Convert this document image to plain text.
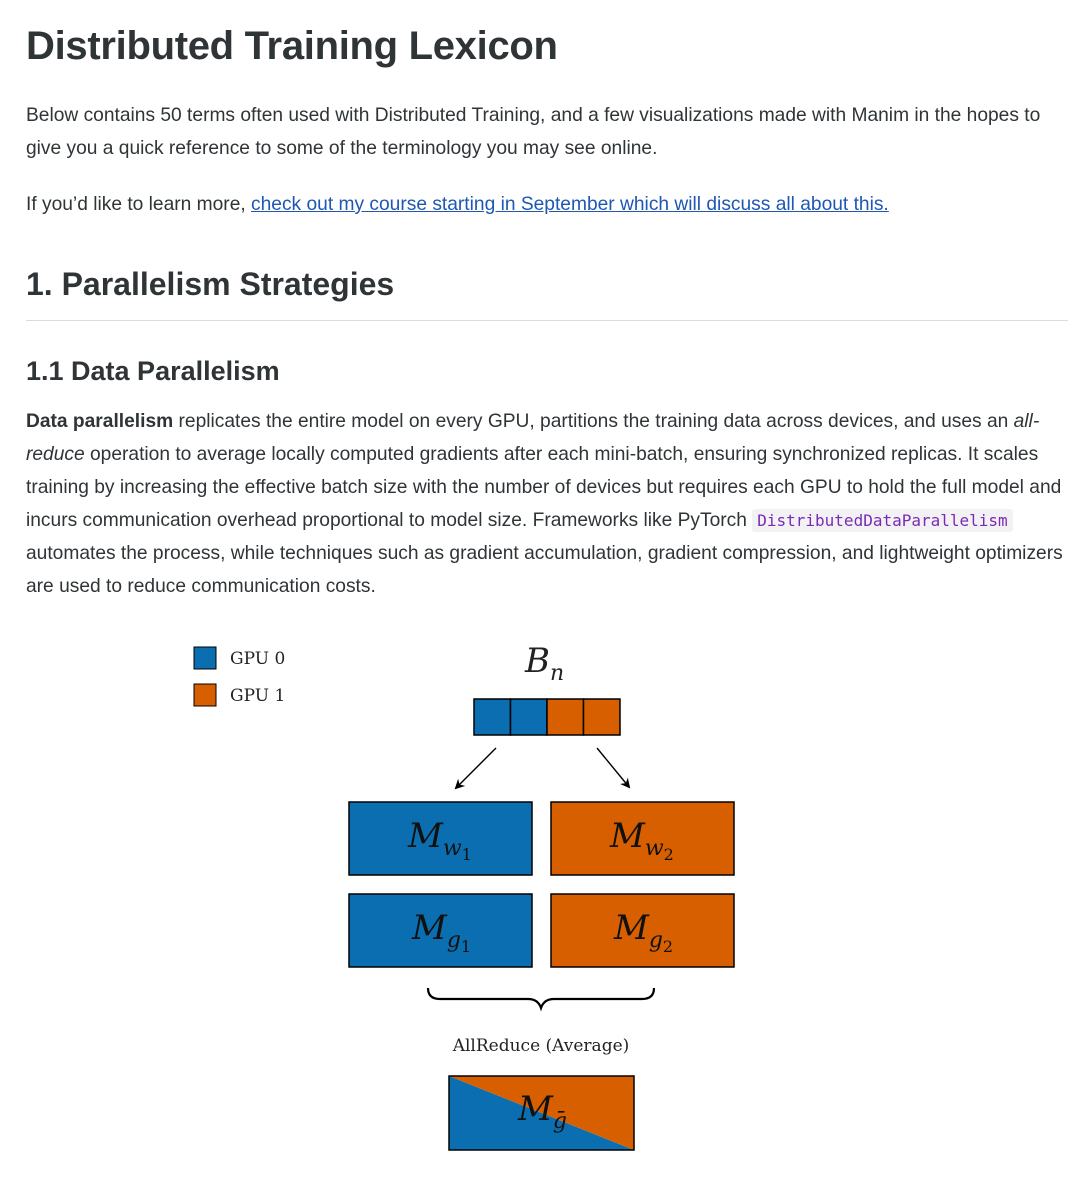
Distributed Training Lexicon

Below contains 50 terms often used with Distributed Training, and a few visualizations made with Manim in the hopes to give you a quick reference to some of the terminology you may see online.

If you’d like to learn more, check out my course starting in September which will discuss all about this.

1. Parallelism Strategies
1.1 Data Parallelism

Data parallelism replicates the entire model on every GPU, partitions the training data across devices, and uses an all-reduce operation to average locally computed gradients after each mini-batch, ensuring synchronized replicas. It scales training by increasing the effective batch size with the number of devices but requires each GPU to hold the full model and incurs communication overhead proportional to model size. Frameworks like PyTorch DistributedDataParallelism automates the process, while techniques such as gradient accumulation, gradient compression, and lightweight optimizers are used to reduce communication costs.

GPU 0
GPU 1
$B_n$
$M_w1$	$M_w2$
$M_g1$	$M_g2$
AllReduce (Average)
$M_ḡ$
